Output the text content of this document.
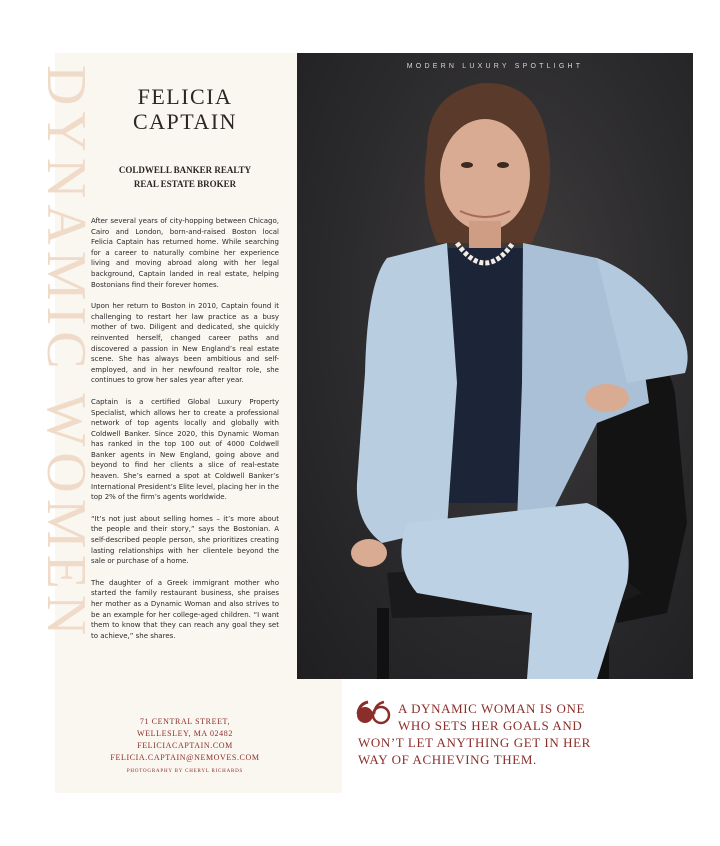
DYNAMIC WOMEN	MODERN LUXURY SPOTLIGHT
FELICIA
CAPTAIN
COLDWELL BANKER REALTY
REAL ESTATE BROKER

After several years of city-hopping between Chicago, Cairo and London, born-and-raised Boston local Felicia Captain has returned home. While searching for a career to naturally combine her experience living and moving abroad along with her legal background, Captain landed in real estate, helping Bostonians find their forever homes.

Upon her return to Boston in 2010, Captain found it challenging to restart her law practice as a busy mother of two. Diligent and dedicated, she quickly reinvented herself, changed career paths and discovered a passion in New England’s real estate scene. She has always been ambitious and self-employed, and in her newfound realtor role, she continues to grow her sales year after year.

Captain is a certified Global Luxury Property Specialist, which allows her to create a professional network of top agents locally and globally with Coldwell Banker. Since 2020, this Dynamic Woman has ranked in the top 100 out of 4000 Coldwell Banker agents in New England, going above and beyond to find her clients a slice of real-estate heaven. She’s earned a spot at Coldwell Banker’s International President’s Elite level, placing her in the top 2% of the firm’s agents worldwide.

“It’s not just about selling homes – it’s more about the people and their story,” says the Bostonian. A self-described people person, she prioritizes creating lasting relationships with her clientele beyond the sale or purchase of a home.

The daughter of a Greek immigrant mother who started the family restaurant business, she praises her mother as a Dynamic Woman and also strives to be an example for her college-aged children. “I want them to know that they can reach any goal they set to achieve,” she shares.

71 CENTRAL STREET,
WELLESLEY, MA 02482
FELICIACAPTAIN.COM
FELICIA.CAPTAIN@NEMOVES.COM
PHOTOGRAPHY BY CHERYL RICHARDS
A DYNAMIC WOMAN IS ONE
WHO SETS HER GOALS AND
WON’T LET ANYTHING GET IN HER
WAY OF ACHIEVING THEM.
